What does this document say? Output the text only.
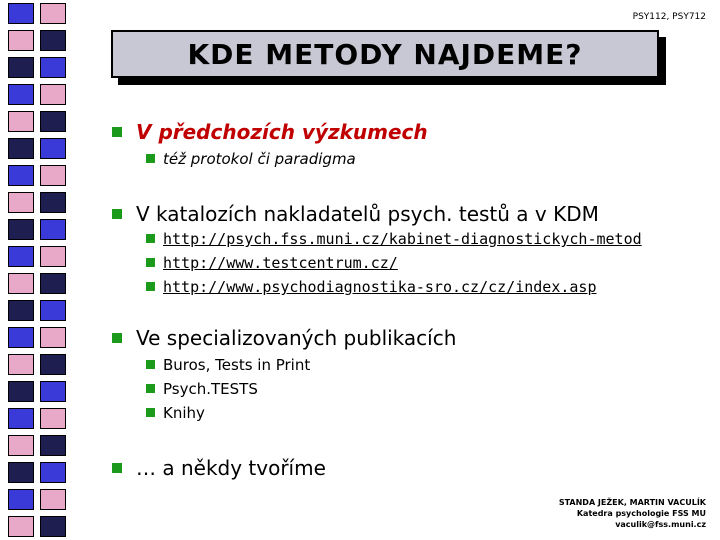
PSY112, PSY712
KDE METODY NAJDEME?
V předchozích výzkumech
též protokol či paradigma
V katalozích nakladatelů psych. testů a v KDM
http://psych.fss.muni.cz/kabinet-diagnostickych-metod
http://www.testcentrum.cz/
http://www.psychodiagnostika-sro.cz/cz/index.asp
Ve specializovaných publikacích
Buros, Tests in Print
Psych.TESTS
Knihy
… a někdy tvoříme
STANDA JEŽEK, MARTIN VACULÍK
Katedra psychologie FSS MU
vaculik@fss.muni.cz
